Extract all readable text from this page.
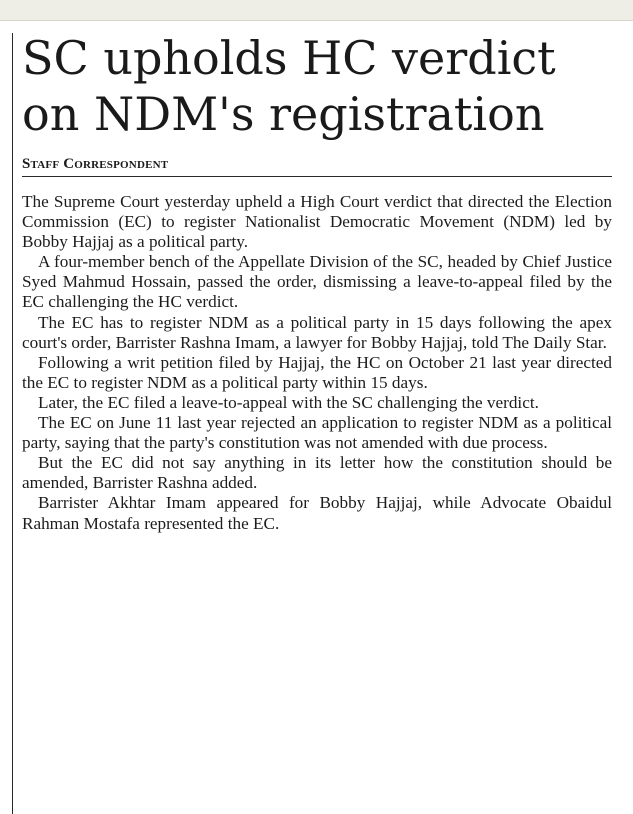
SC upholds HC verdict
on NDM's registration
Staff Correspondent

The Supreme Court yesterday upheld a High Court verdict that directed the Election Commission (EC) to register Nationalist Democratic Movement (NDM) led by Bobby Hajjaj as a political party.

A four-member bench of the Appellate Division of the SC, headed by Chief Justice Syed Mahmud Hossain, passed the order, dismissing a leave-to-appeal filed by the EC challenging the HC verdict.

The EC has to register NDM as a political party in 15 days following the apex court's order, Barrister Rashna Imam, a lawyer for Bobby Hajjaj, told The Daily Star.

Following a writ petition filed by Hajjaj, the HC on October 21 last year directed the EC to register NDM as a political party within 15 days.

Later, the EC filed a leave-to-appeal with the SC challenging the verdict.

The EC on June 11 last year rejected an application to register NDM as a political party, saying that the party's constitution was not amended with due process.

But the EC did not say anything in its letter how the constitution should be amended, Barrister Rashna added.

Barrister Akhtar Imam appeared for Bobby Hajjaj, while Advocate Obaidul Rahman Mostafa represented the EC.
